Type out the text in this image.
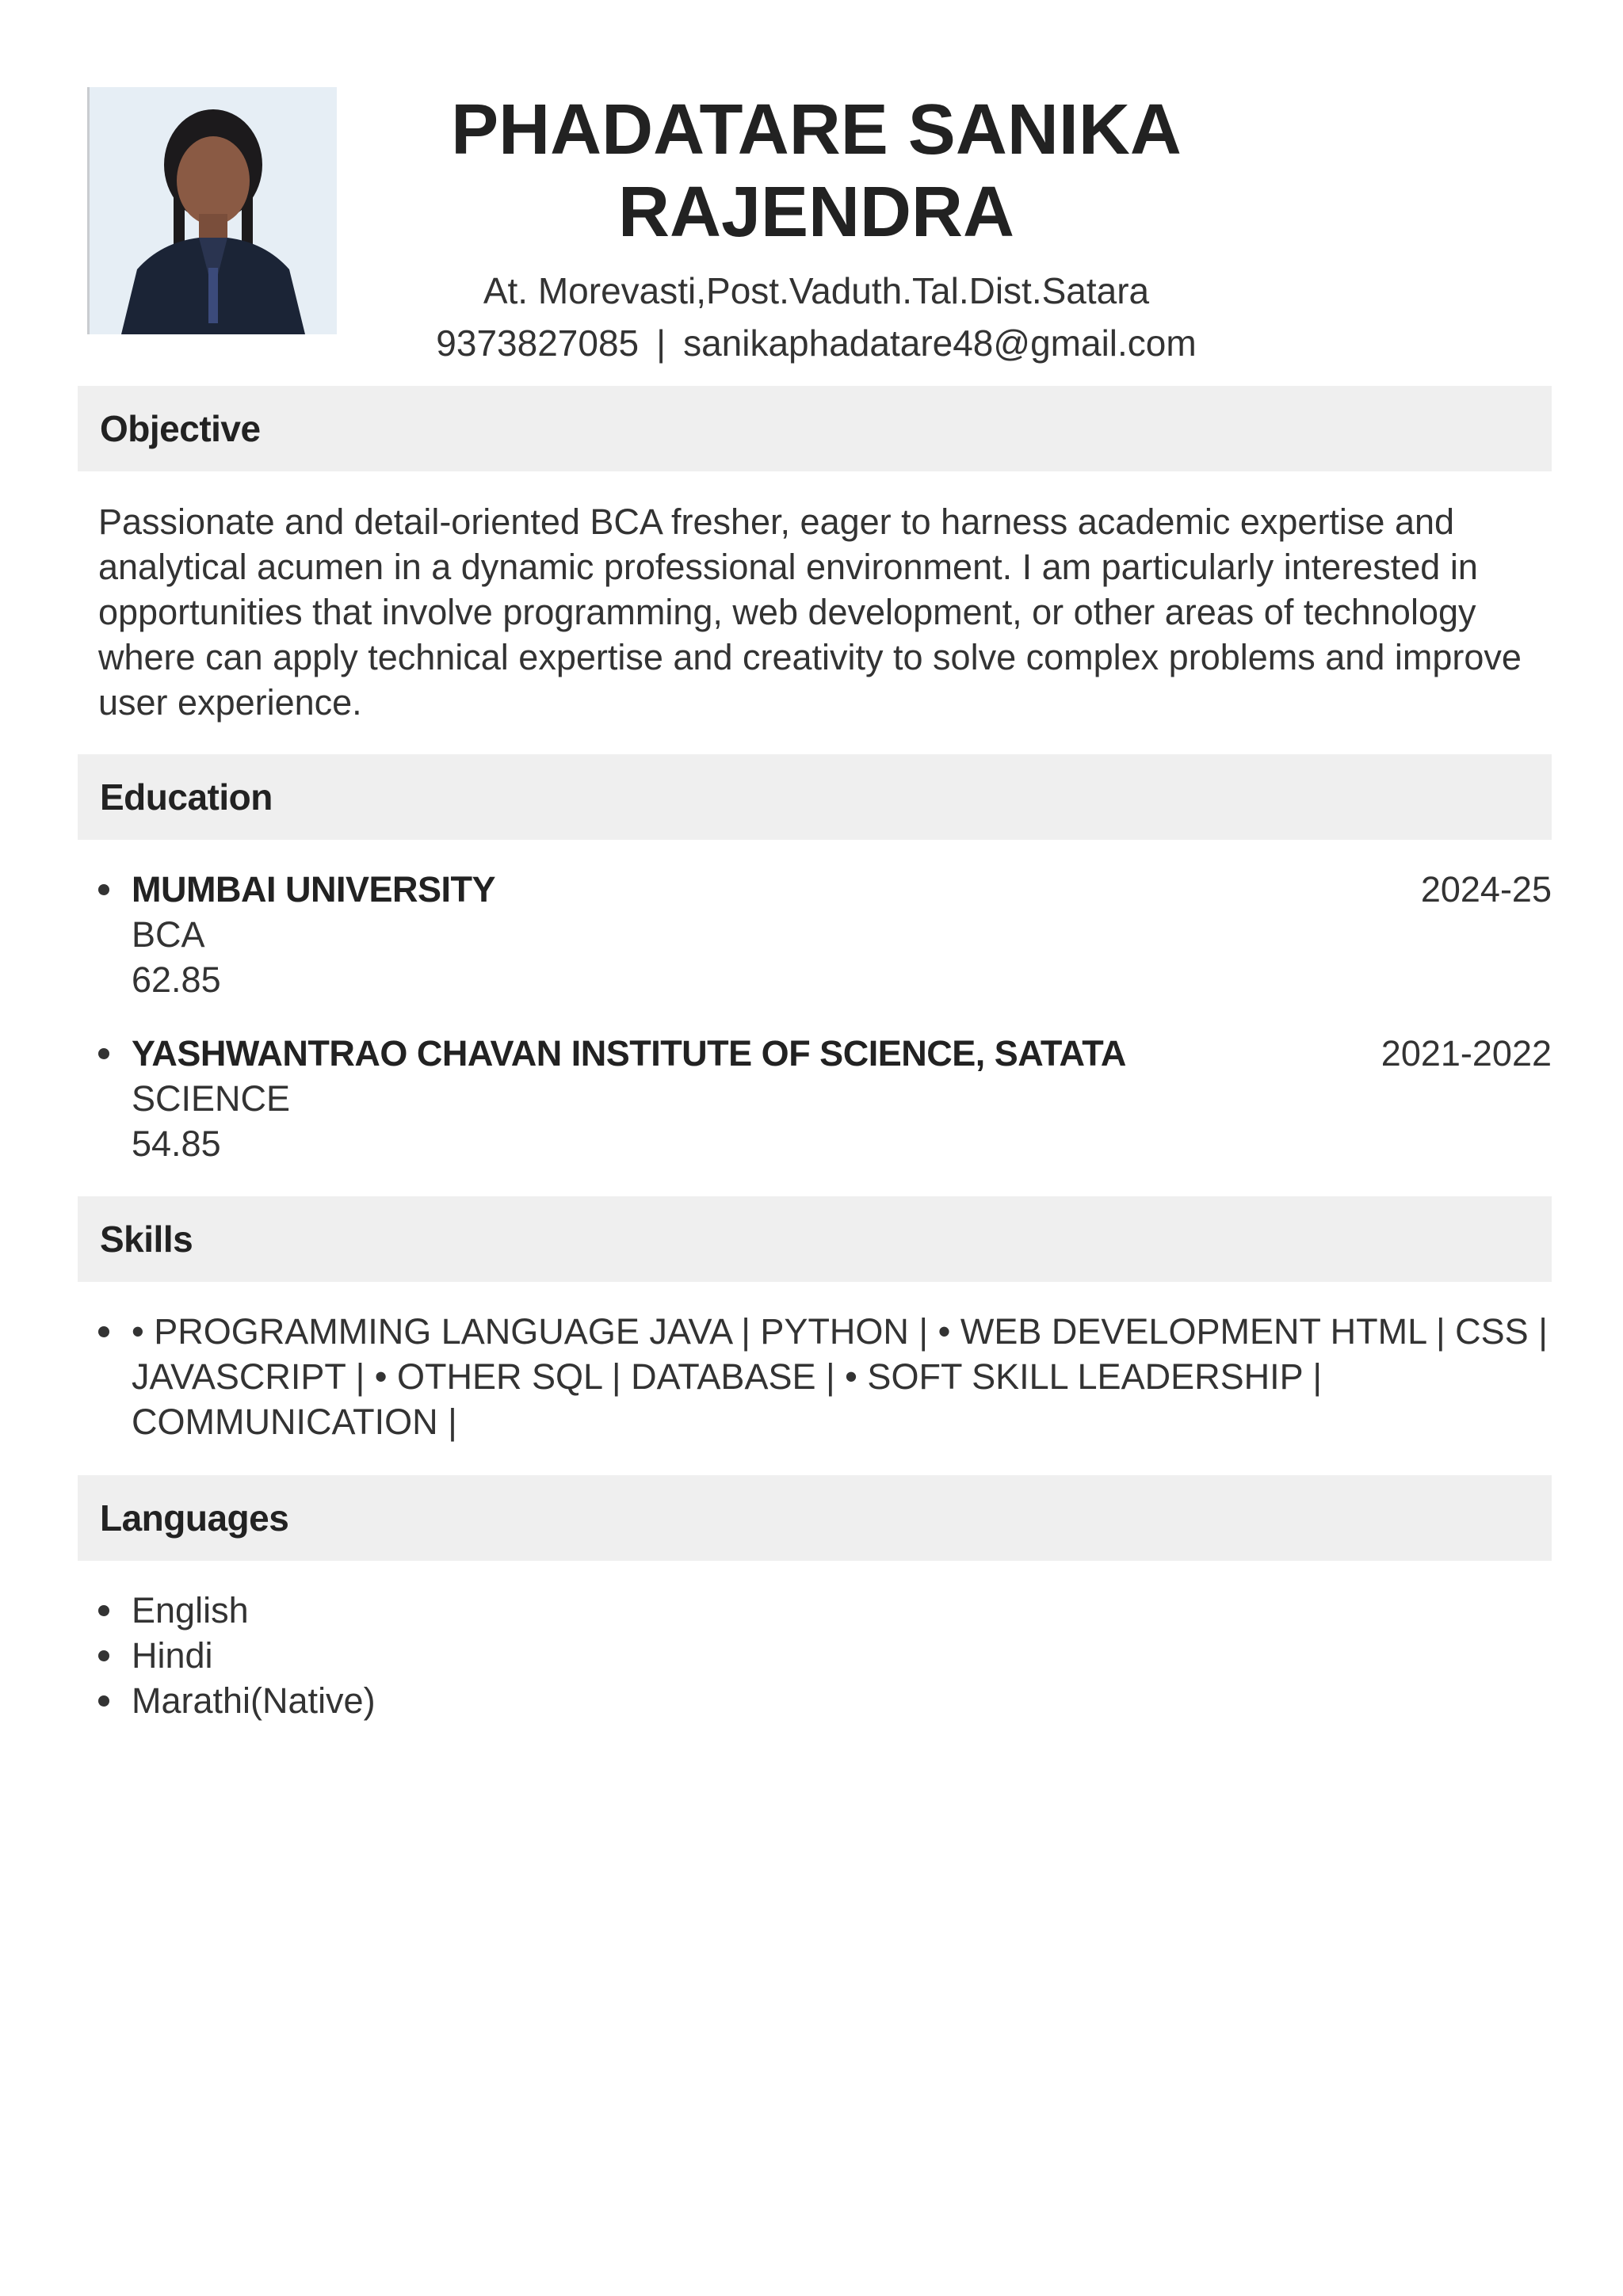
PHADATARE SANIKA
RAJENDRA
At. Morevasti,Post.Vaduth.Tal.Dist.Satara
9373827085 | sanikaphadatare48@gmail.com
Objective
Passionate and detail-oriented BCA fresher, eager to harness academic expertise and analytical acumen in a dynamic professional environment. I am particularly interested in opportunities that involve programming, web development, or other areas of technology where can apply technical expertise and creativity to solve complex problems and improve user experience.
Education
MUMBAI UNIVERSITY	2024-25
BCA
62.85
YASHWANTRAO CHAVAN INSTITUTE OF SCIENCE, SATATA	2021-2022
SCIENCE
54.85
Skills
• PROGRAMMING LANGUAGE JAVA | PYTHON | • WEB DEVELOPMENT HTML | CSS | JAVASCRIPT | • OTHER SQL | DATABASE | • SOFT SKILL LEADERSHIP | COMMUNICATION |
Languages
English
Hindi
Marathi(Native)
